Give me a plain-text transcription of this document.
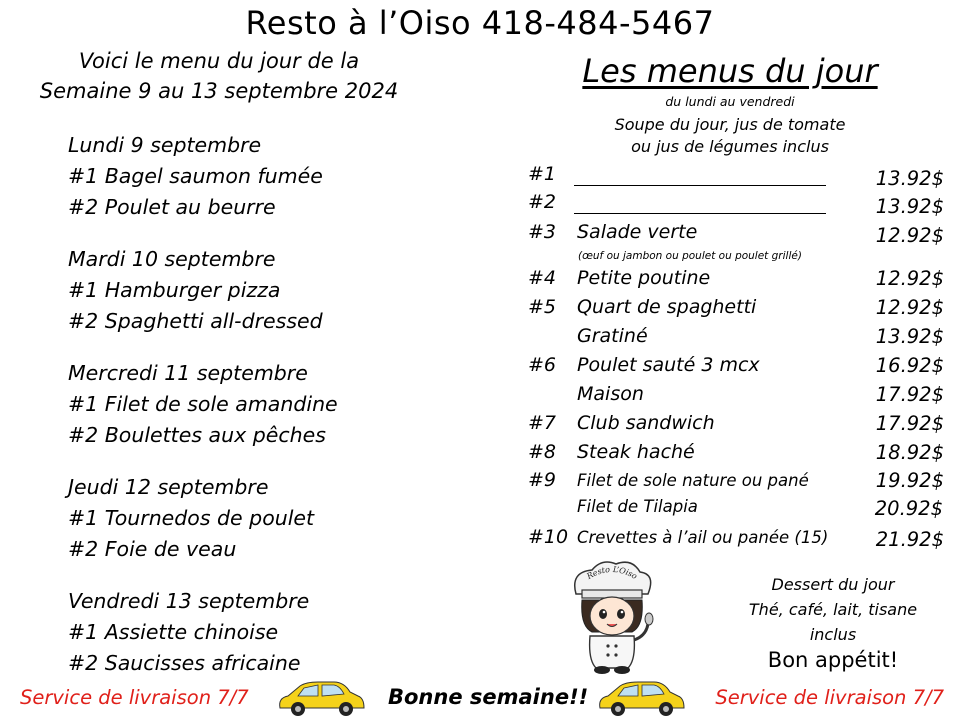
Resto à l’Oiso 418-484-5467
Voici le menu du jour de la
Semaine 9 au 13 septembre 2024
Lundi 9 septembre
#1 Bagel saumon fumée
#2 Poulet au beurre
Mardi 10 septembre
#1 Hamburger pizza
#2 Spaghetti all-dressed
Mercredi 11 septembre
#1 Filet de sole amandine
#2 Boulettes aux pêches
Jeudi 12 septembre
#1 Tournedos de poulet
#2 Foie de veau
Vendredi 13 septembre
#1 Assiette chinoise
#2 Saucisses africaine
Les menus du jour
du lundi au vendredi
Soupe du jour, jus de tomate
ou jus de légumes inclus
#1	13.92$
#2	13.92$
#3 Salade verte	12.92$
(œuf ou jambon ou poulet ou poulet grillé)
#4 Petite poutine	12.92$
#5 Quart de spaghetti	12.92$
Gratiné	13.92$
#6 Poulet sauté 3 mcx	16.92$
Maison	17.92$
#7 Club sandwich	17.92$
#8 Steak haché	18.92$
#9 Filet de sole nature ou pané	19.92$
Filet de Tilapia	20.92$
#10 Crevettes à l’ail ou panée (15) 21.92$
Resto L’Oiso	Dessert du jour
Thé, café, lait, tisane
inclus
Bon appétit!
Service de livraison 7/7	Bonne semaine!!	Service de livraison 7/7
